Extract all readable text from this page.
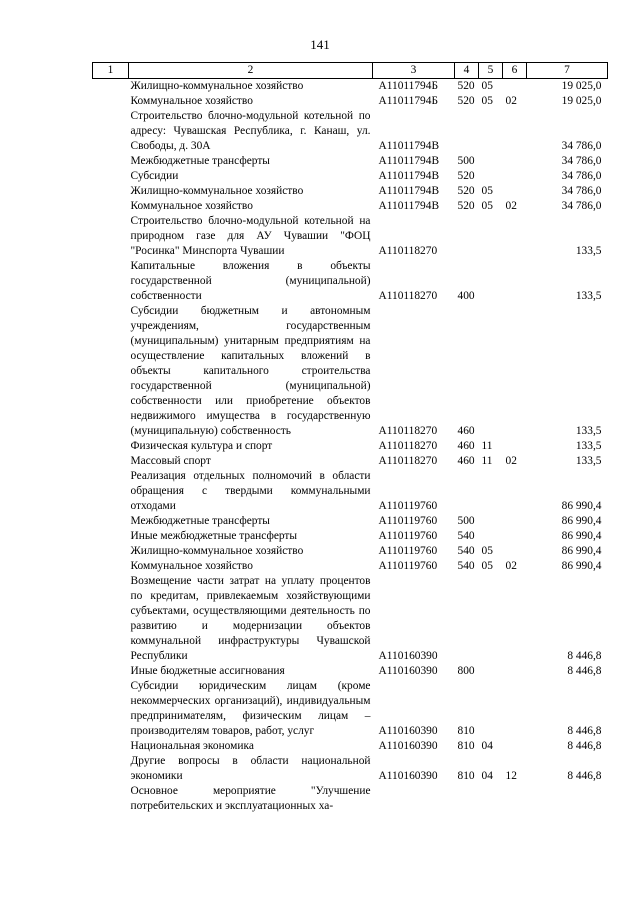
141
1	2	3	4	5	6	7
	Жилищно-коммунальное хозяйство	А11011794Б	520	05		19 025,0
	Коммунальное хозяйство	А11011794Б	520	05	02	19 025,0
	Строительство блочно-модульной котельной по адресу: Чувашская Республика, г. Канаш, ул. Свободы, д. 30А	А11011794В				34 786,0
	Межбюджетные трансферты	А11011794В	500			34 786,0
	Субсидии	А11011794В	520			34 786,0
	Жилищно-коммунальное хозяйство	А11011794В	520	05		34 786,0
	Коммунальное хозяйство	А11011794В	520	05	02	34 786,0
	Строительство блочно-модульной котельной на природном газе для АУ Чувашии "ФОЦ "Росинка" Минспорта Чувашии	А110118270				133,5
	Капитальные вложения в объекты государственной (муниципальной) собственности	А110118270	400			133,5
	Субсидии бюджетным и автономным учреждениям, государственным (муниципальным) унитарным предприятиям на осуществление капитальных вложений в объекты капитального строительства государственной (муниципальной) собственности или приобретение объектов недвижимого имущества в государственную (муниципальную) собственность	А110118270	460			133,5
	Физическая культура и спорт	А110118270	460	11		133,5
	Массовый спорт	А110118270	460	11	02	133,5
	Реализация отдельных полномочий в области обращения с твердыми коммунальными отходами	А110119760				86 990,4
	Межбюджетные трансферты	А110119760	500			86 990,4
	Иные межбюджетные трансферты	А110119760	540			86 990,4
	Жилищно-коммунальное хозяйство	А110119760	540	05		86 990,4
	Коммунальное хозяйство	А110119760	540	05	02	86 990,4
	Возмещение части затрат на уплату процентов по кредитам, привлекаемым хозяйствующими субъектами, осуществляющими деятельность по развитию и модернизации объектов коммунальной инфраструктуры Чувашской Республики	А110160390				8 446,8
	Иные бюджетные ассигнования	А110160390	800			8 446,8
	Субсидии юридическим лицам (кроме некоммерческих организаций), индивидуальным предпринимателям, физическим лицам – производителям товаров, работ, услуг	А110160390	810			8 446,8
	Национальная экономика	А110160390	810	04		8 446,8
	Другие вопросы в области национальной экономики	А110160390	810	04	12	8 446,8
	Основное мероприятие "Улучшение потребительских и эксплуатационных ха-					
